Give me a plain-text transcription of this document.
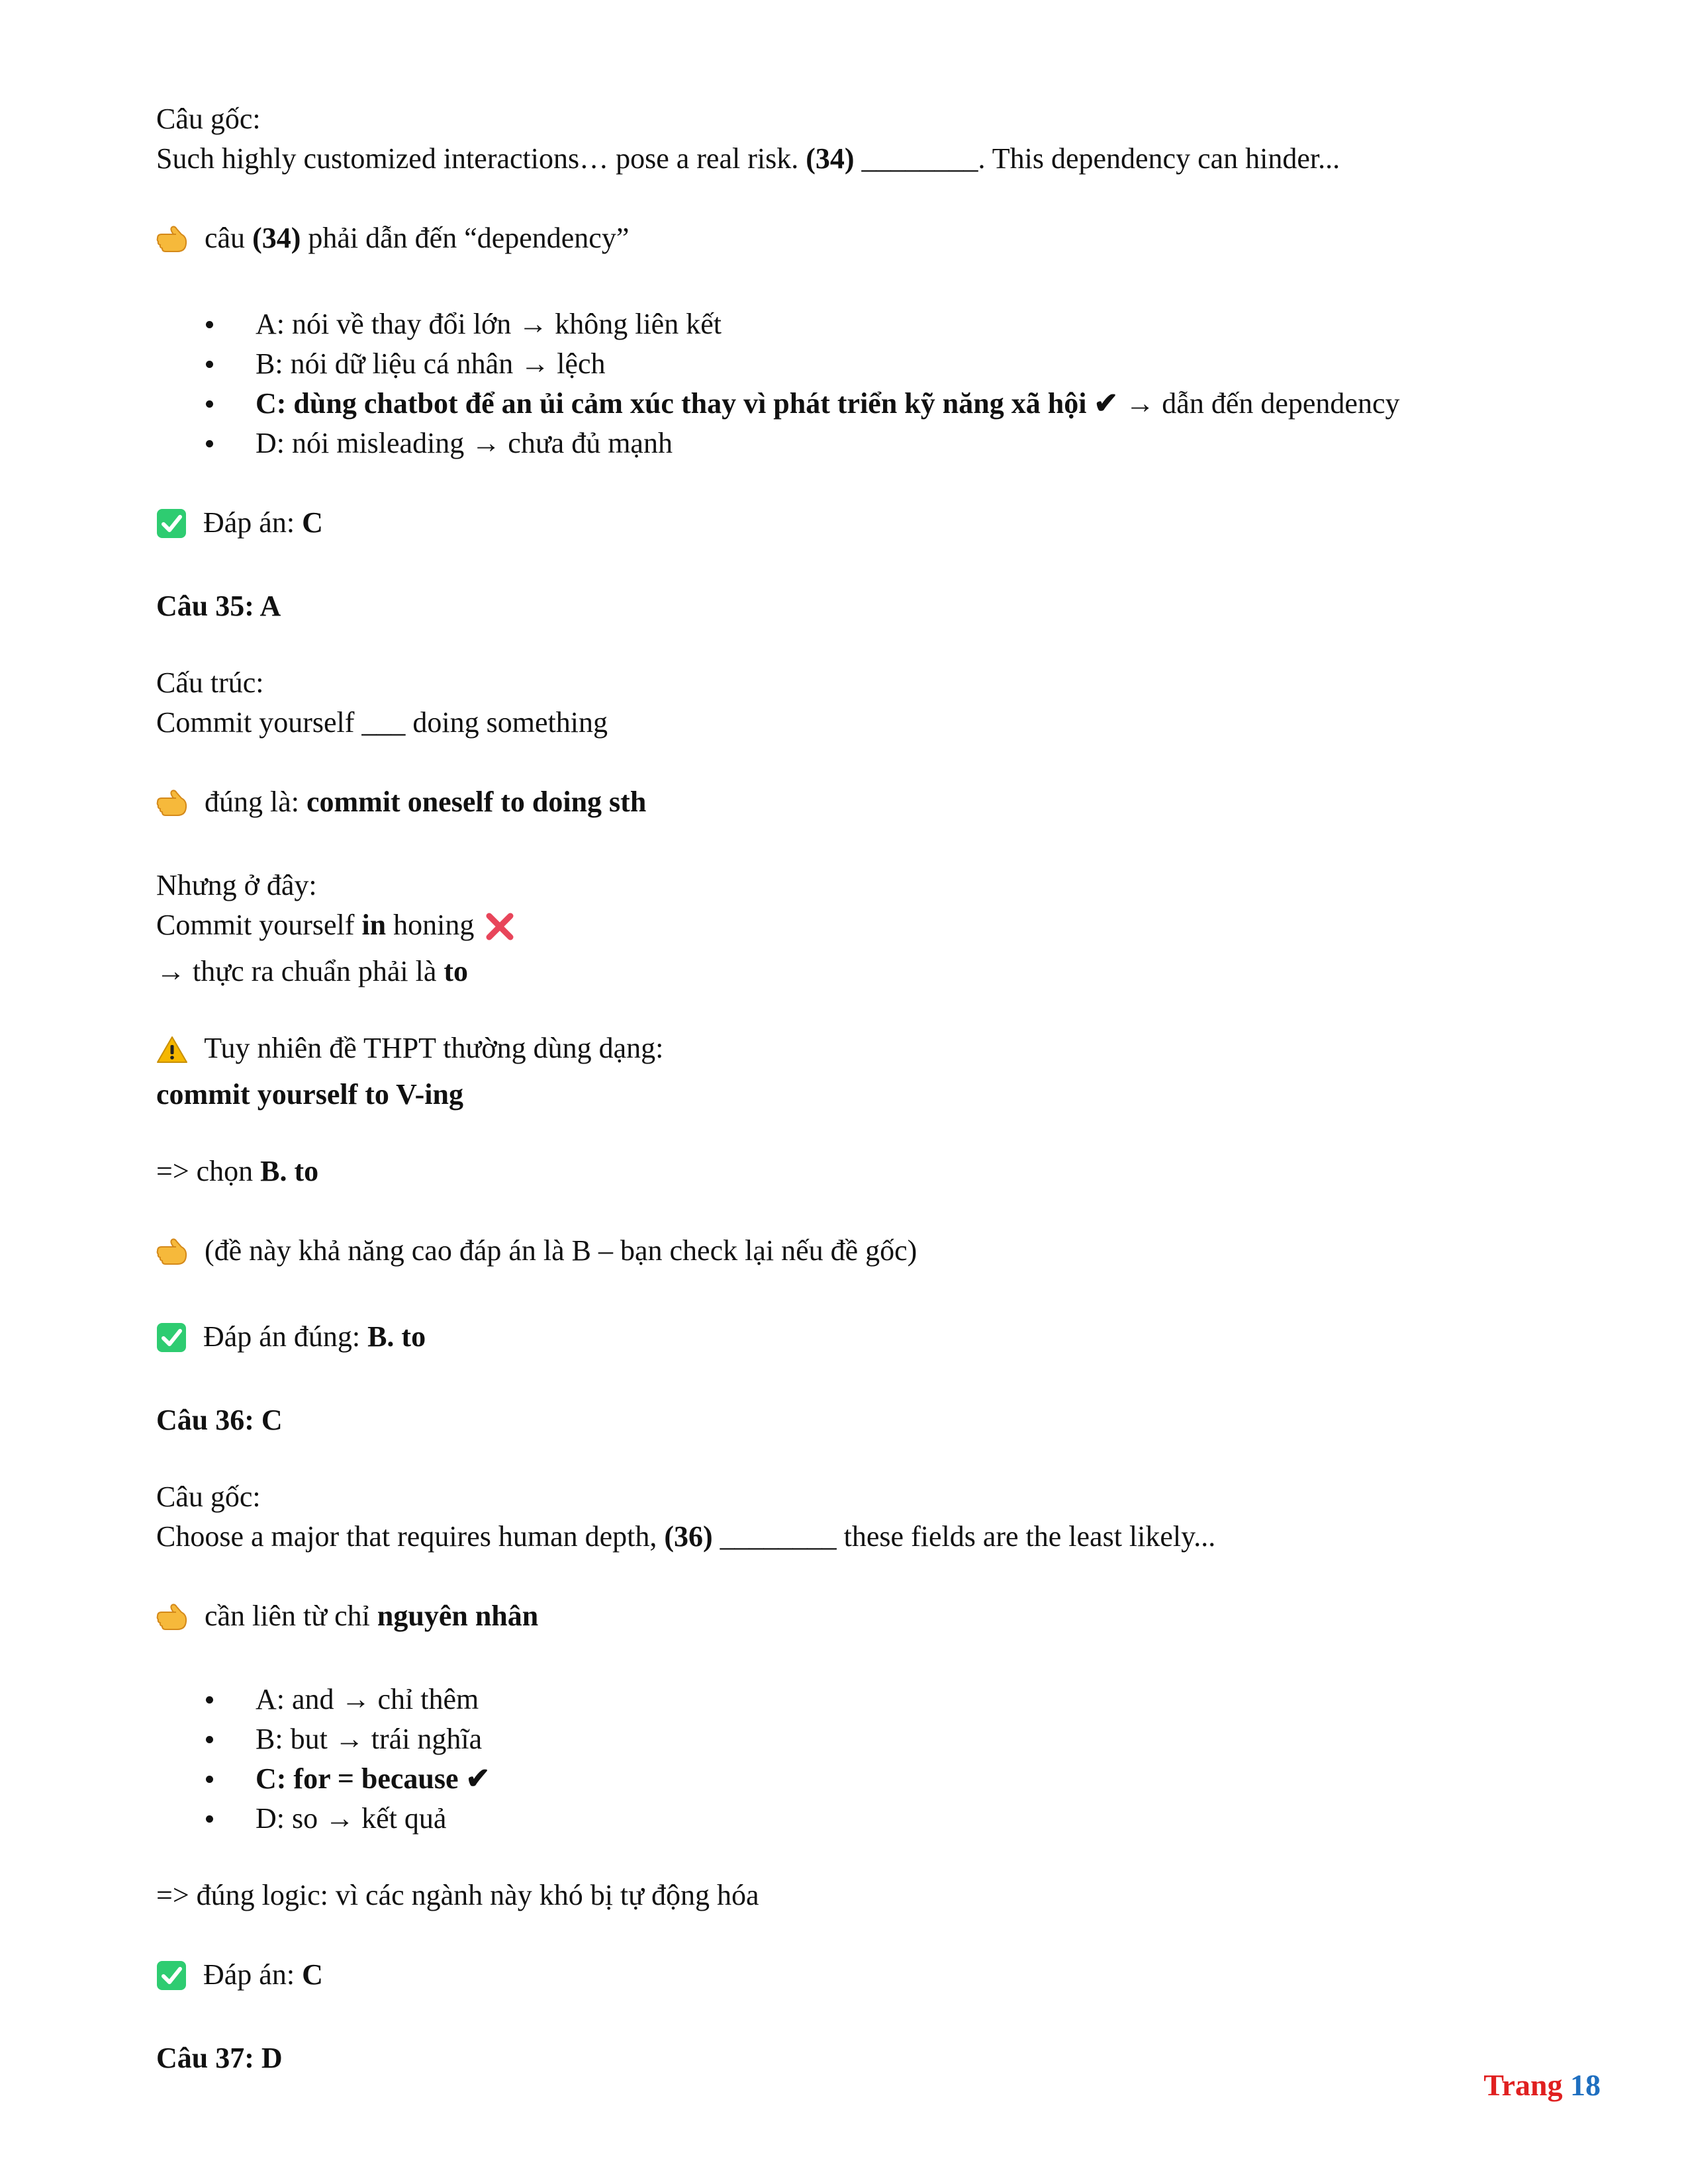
Câu gốc:
Such highly customized interactions… pose a real risk. (34) ________. This dependency can hinder...
câu (34) phải dẫn đến “dependency”
A: nói về thay đổi lớn → không liên kết
B: nói dữ liệu cá nhân → lệch
C: dùng chatbot để an ủi cảm xúc thay vì phát triển kỹ năng xã hội ✔ → dẫn đến dependency
D: nói misleading → chưa đủ mạnh
Đáp án: C
Câu 35: A
Cấu trúc:
Commit yourself ___ doing something
đúng là: commit oneself to doing sth
Nhưng ở đây:
Commit yourself in honing
→ thực ra chuẩn phải là to
Tuy nhiên đề THPT thường dùng dạng:
commit yourself to V-ing
=> chọn B. to
(đề này khả năng cao đáp án là B – bạn check lại nếu đề gốc)
Đáp án đúng: B. to
Câu 36: C
Câu gốc:
Choose a major that requires human depth, (36) ________ these fields are the least likely...
cần liên từ chỉ nguyên nhân
A: and → chỉ thêm
B: but → trái nghĩa
C: for = because ✔
D: so → kết quả
=> đúng logic: vì các ngành này khó bị tự động hóa
Đáp án: C
Câu 37: D
Trang 18
